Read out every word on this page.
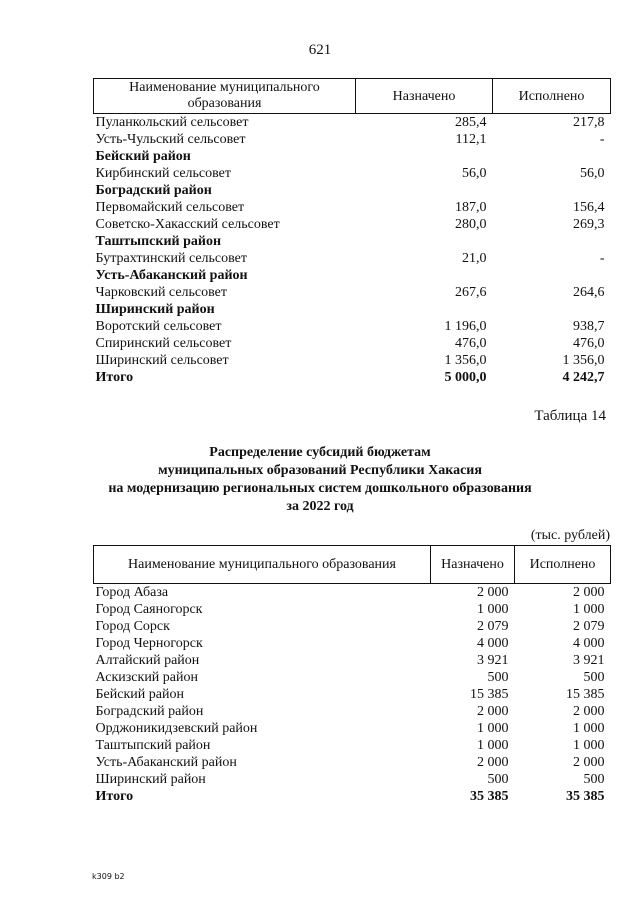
621
Наименование муниципального образования	Назначено	Исполнено
Пуланкольский сельсовет	285,4	217,8
Усть-Чульский сельсовет	112,1	-
Бейский район		
Кирбинский сельсовет	56,0	56,0
Боградский район		
Первомайский сельсовет	187,0	156,4
Советско-Хакасский сельсовет	280,0	269,3
Таштыпский район		
Бутрахтинский сельсовет	21,0	-
Усть-Абаканский район		
Чарковский сельсовет	267,6	264,6
Ширинский район		
Воротский сельсовет	1 196,0	938,7
Спиринский сельсовет	476,0	476,0
Ширинский сельсовет	1 356,0	1 356,0
Итого	5 000,0	4 242,7
Таблица 14
Распределение субсидий бюджетам
муниципальных образований Республики Хакасия
на модернизацию региональных систем дошкольного образования
за 2022 год
(тыс. рублей)
Наименование муниципального образования	Назначено	Исполнено
Город Абаза	2 000	2 000
Город Саяногорск	1 000	1 000
Город Сорск	2 079	2 079
Город Черногорск	4 000	4 000
Алтайский район	3 921	3 921
Аскизский район	500	500
Бейский район	15 385	15 385
Боградский район	2 000	2 000
Орджоникидзевский район	1 000	1 000
Таштыпский район	1 000	1 000
Усть-Абаканский район	2 000	2 000
Ширинский район	500	500
Итого	35 385	35 385
k309 b2
